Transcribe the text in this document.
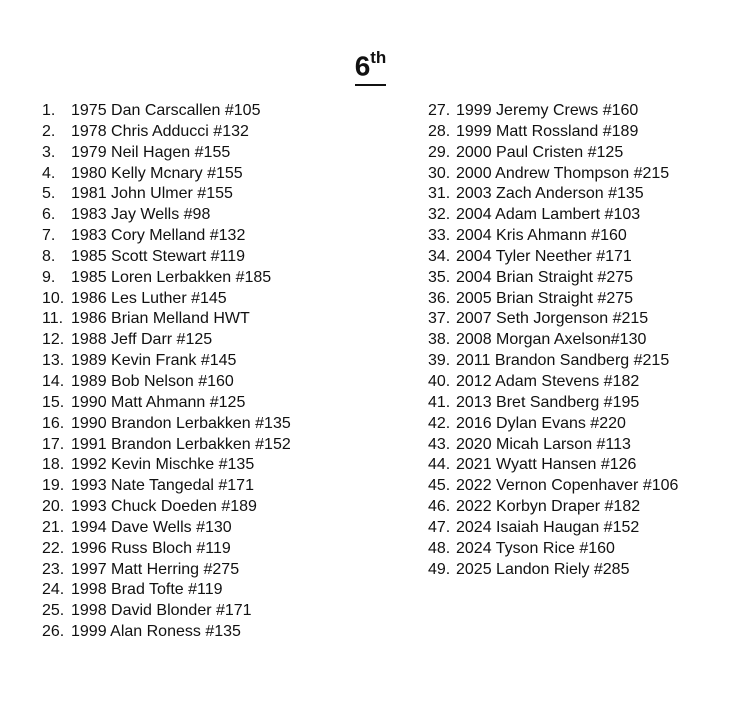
6th
1. 1975 Dan Carscallen #105
2. 1978 Chris Adducci #132
3. 1979 Neil Hagen #155
4. 1980 Kelly Mcnary #155
5. 1981 John Ulmer #155
6. 1983 Jay Wells #98
7. 1983 Cory Melland #132
8. 1985 Scott Stewart #119
9. 1985 Loren Lerbakken #185
10. 1986 Les Luther #145
11. 1986 Brian Melland HWT
12. 1988 Jeff Darr #125
13. 1989 Kevin Frank #145
14. 1989 Bob Nelson #160
15. 1990 Matt Ahmann #125
16. 1990 Brandon Lerbakken #135
17. 1991 Brandon Lerbakken #152
18. 1992 Kevin Mischke #135
19. 1993 Nate Tangedal #171
20. 1993 Chuck Doeden #189
21. 1994 Dave Wells #130
22. 1996 Russ Bloch #119
23. 1997 Matt Herring #275
24. 1998 Brad Tofte #119
25. 1998 David Blonder #171
26. 1999 Alan Roness #135
27. 1999 Jeremy Crews #160
28. 1999 Matt Rossland #189
29. 2000 Paul Cristen #125
30. 2000 Andrew Thompson #215
31. 2003 Zach Anderson #135
32. 2004 Adam Lambert #103
33. 2004 Kris Ahmann #160
34. 2004 Tyler Neether #171
35. 2004 Brian Straight #275
36. 2005 Brian Straight #275
37. 2007 Seth Jorgenson #215
38. 2008 Morgan Axelson#130
39. 2011 Brandon Sandberg #215
40. 2012 Adam Stevens #182
41. 2013 Bret Sandberg #195
42. 2016 Dylan Evans #220
43. 2020 Micah Larson #113
44. 2021 Wyatt Hansen #126
45. 2022 Vernon Copenhaver #106
46. 2022 Korbyn Draper #182
47. 2024 Isaiah Haugan #152
48. 2024 Tyson Rice #160
49. 2025 Landon Riely #285
